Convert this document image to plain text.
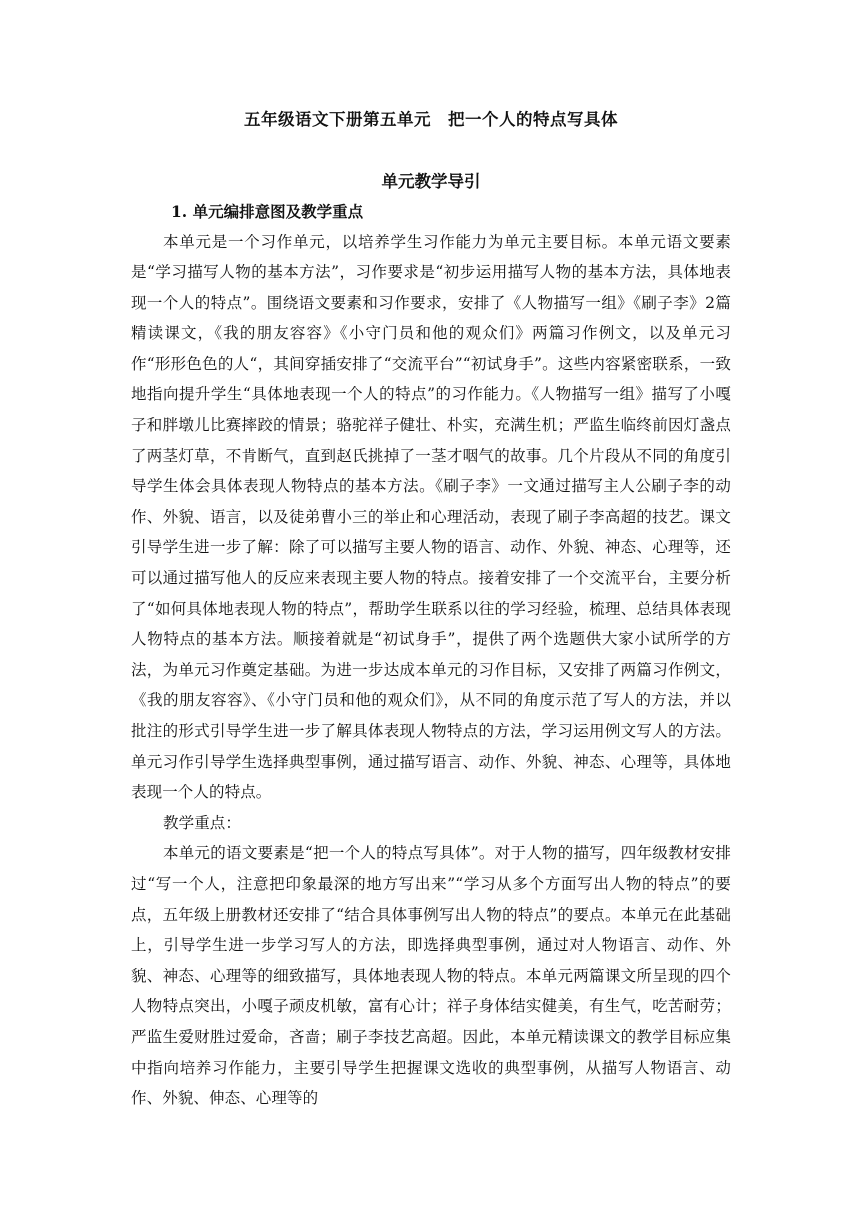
五年级语文下册第五单元　把一个人的特点写具体
单元教学导引
1. 单元编排意图及教学重点

本单元是一个习作单元，以培养学生习作能力为单元主要目标。本单元语文要素是“学习描写人物的基本方法”，习作要求是“初步运用描写人物的基本方法，具体地表现一个人的特点”。围绕语文要素和习作要求，安排了《人物描写一组》《刷子李》2篇精读课文，《我的朋友容容》《小守门员和他的观众们》两篇习作例文，以及单元习作“形形色色的人“，其间穿插安排了“交流平台”“初试身手”。这些内容紧密联系，一致地指向提升学生“具体地表现一个人的特点”的习作能力。《人物描写一组》描写了小嘎子和胖墩儿比赛摔跤的情景；骆驼祥子健壮、朴实，充满生机；严监生临终前因灯盏点了两茎灯草，不肯断气，直到赵氏挑掉了一茎才咽气的故事。几个片段从不同的角度引导学生体会具体表现人物特点的基本方法。《刷子李》一文通过描写主人公刷子李的动作、外貌、语言，以及徒弟曹小三的举止和心理活动，表现了刷子李高超的技艺。课文引导学生进一步了解：除了可以描写主要人物的语言、动作、外貌、神态、心理等，还可以通过描写他人的反应来表现主要人物的特点。接着安排了一个交流平台，主要分析了“如何具体地表现人物的特点”，帮助学生联系以往的学习经验，梳理、总结具体表现人物特点的基本方法。顺接着就是“初试身手”，提供了两个选题供大家小试所学的方法，为单元习作奠定基础。为进一步达成本单元的习作目标，又安排了两篇习作例文，《我的朋友容容》、《小守门员和他的观众们》，从不同的角度示范了写人的方法，并以批注的形式引导学生进一步了解具体表现人物特点的方法，学习运用例文写人的方法。单元习作引导学生选择典型事例，通过描写语言、动作、外貌、神态、心理等，具体地表现一个人的特点。

教学重点：

本单元的语文要素是“把一个人的特点写具体”。对于人物的描写，四年级教材安排过“写一个人，注意把印象最深的地方写出来”“学习从多个方面写出人物的特点”的要点，五年级上册教材还安排了“结合具体事例写出人物的特点”的要点。本单元在此基础上，引导学生进一步学习写人的方法，即选择典型事例，通过对人物语言、动作、外貌、神态、心理等的细致描写，具体地表现人物的特点。本单元两篇课文所呈现的四个人物特点突出，小嘎子顽皮机敏，富有心计；祥子身体结实健美，有生气，吃苦耐劳；严监生爱财胜过爱命，吝啬；刷子李技艺高超。因此，本单元精读课文的教学目标应集中指向培养习作能力，主要引导学生把握课文选收的典型事例，从描写人物语言、动作、外貌、伸态、心理等的
